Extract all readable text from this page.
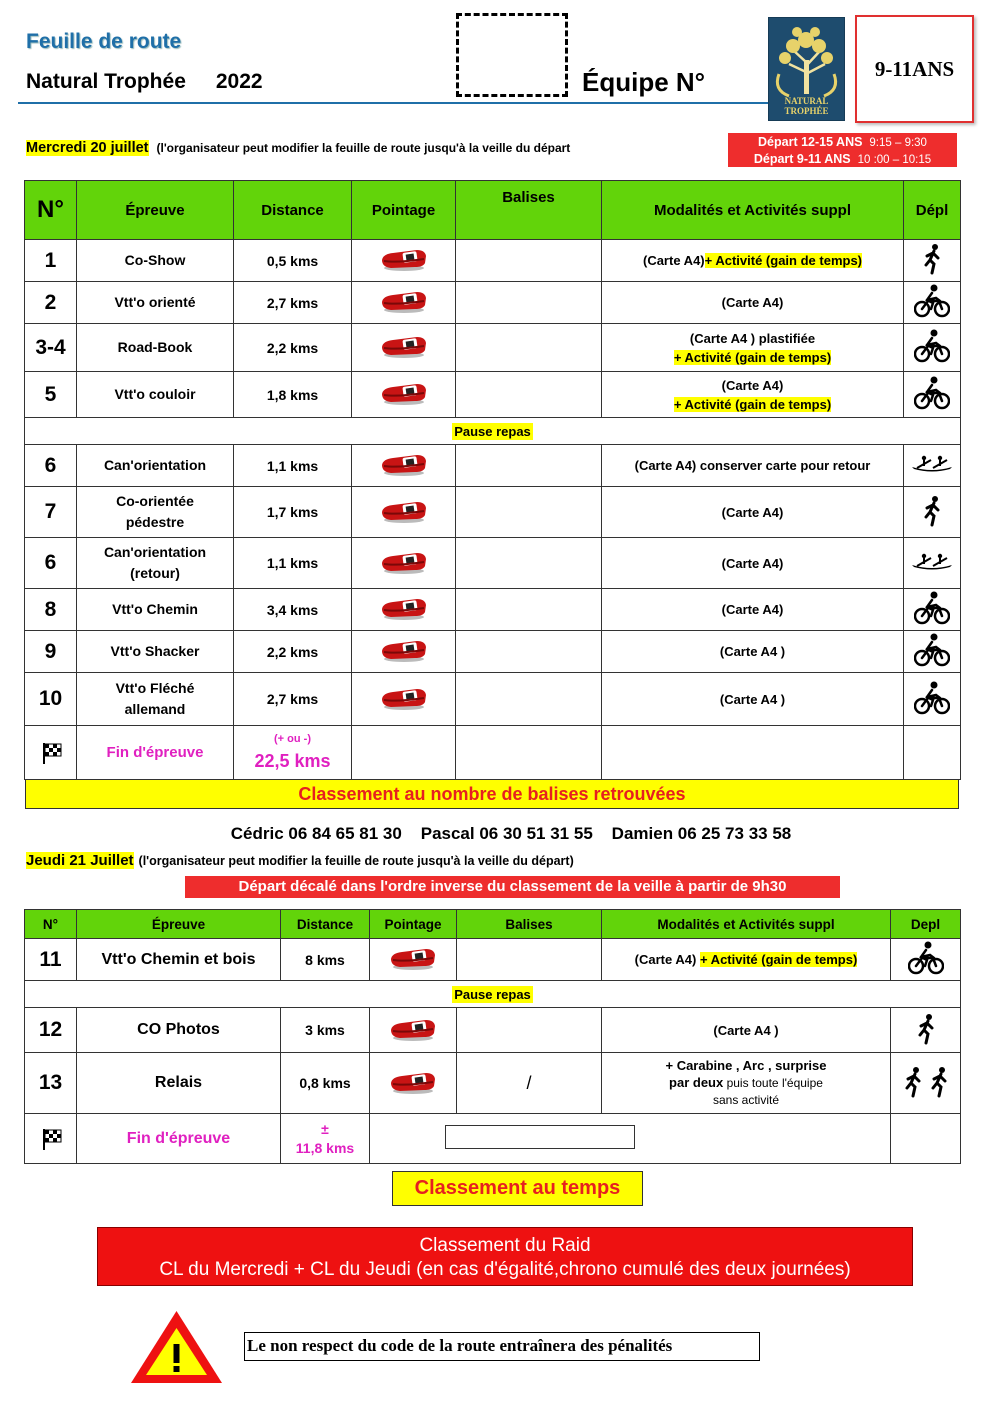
Feuille de route
Natural Trophée 2022	Équipe N°
NATURAL
TROPHÉE
9-11ANS
Mercredi 20 juillet (l'organisateur peut modifier la feuille de route jusqu'à la veille du départ	Départ 12-15 ANS 9:15 – 9:30
Départ 9-11 ANS 10 :00 – 10:15
N°	Épreuve	Distance	Pointage	Balises	Modalités et Activités suppl	Dépl
1	Co-Show	0,5 kms			(Carte A4)+ Activité (gain de temps)	
2	Vtt'o orienté	2,7 kms			(Carte A4)	
3-4	Road-Book	2,2 kms			(Carte A4 ) plastifiée
+ Activité (gain de temps)

5	Vtt'o couloir	1,8 kms			(Carte A4)
+ Activité (gain de temps)

Pause repas						
6	Can'orientation	1,1 kms			(Carte A4) conserver carte pour retour	
7	Co-orientée pédestre	1,7 kms			(Carte A4)	
6	Can'orientation (retour)	1,1 kms			(Carte A4)	
8	Vtt'o Chemin	3,4 kms			(Carte A4)	
9	Vtt'o Shacker	2,2 kms			(Carte A4 )	
10	Vtt'o Fléché allemand	2,7 kms			(Carte A4 )	

	Fin d'épreuve	(+ ou -)
22,5 kms				

Classement au nombre de balises retrouvées
Cédric 06 84 65 81 30    Pascal 06 30 51 31 55    Damien 06 25 73 33 58
Jeudi 21 Juillet (l'organisateur peut modifier la feuille de route jusqu'à la veille du départ)
Départ décalé dans l'ordre inverse du classement de la veille à partir de 9h30
N°	Épreuve	Distance	Pointage	Balises	Modalités et Activités suppl	Depl
11	Vtt'o Chemin et bois	8 kms			(Carte A4) + Activité (gain de temps)	
Pause repas						
12	CO Photos	3 kms			(Carte A4 )	
13	Relais	0,8 kms		/	+ Carabine , Arc , surprise
par deux puis toute l'équipe
sans activité

	Fin d'épreuve	±
11,8 kms				

Classement au temps
Classement du Raid
CL du Mercredi + CL du Jeudi (en cas d'égalité,chrono cumulé des deux journées)
Le non respect du code de la route entraînera des pénalités
